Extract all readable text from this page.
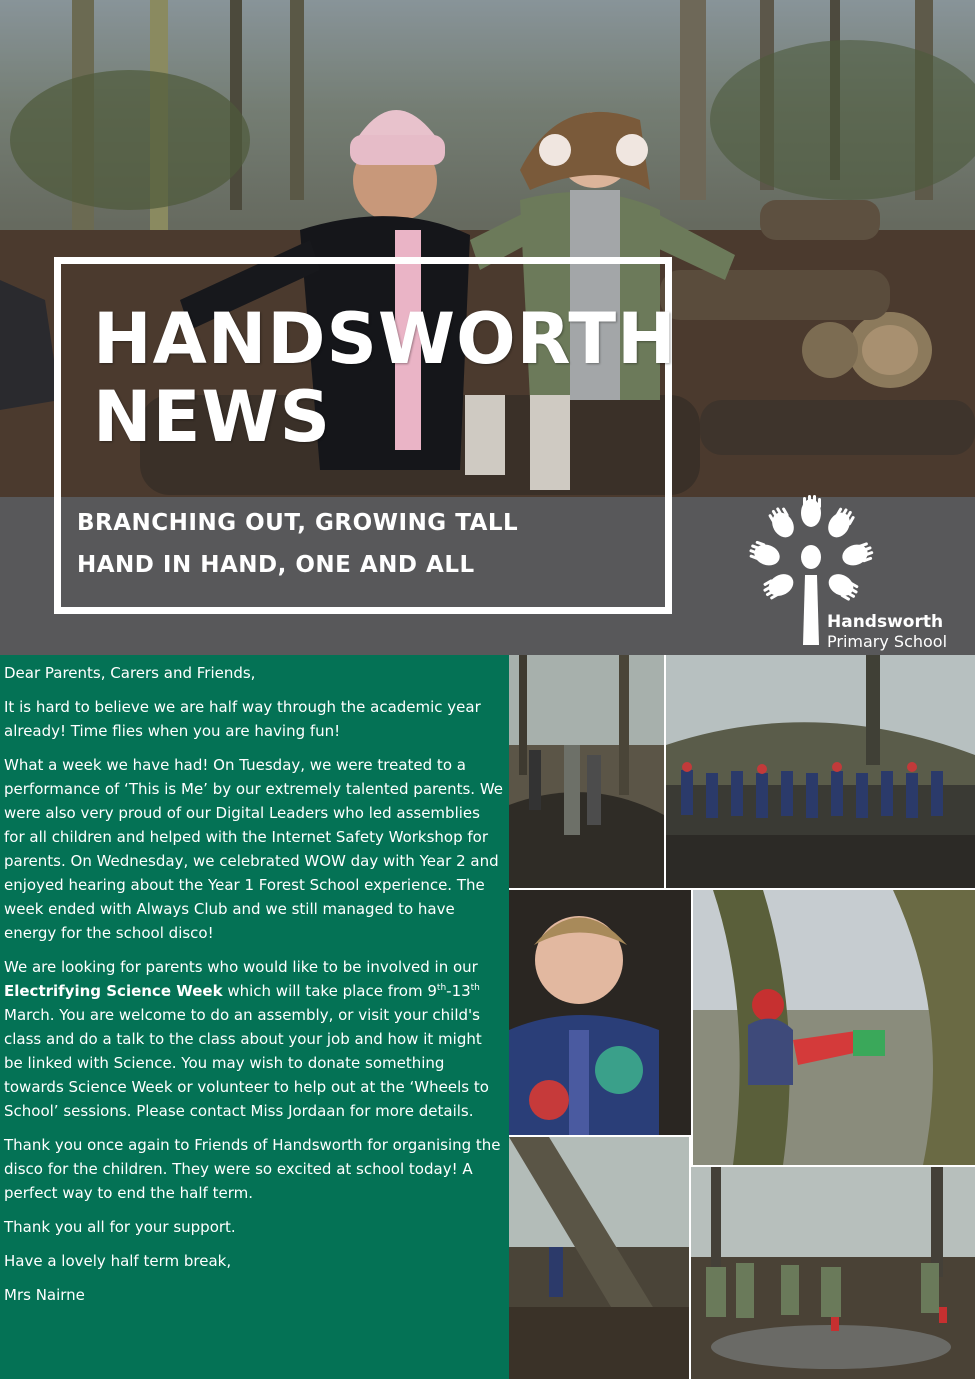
HANDSWORTH
NEWS
BRANCHING OUT, GROWING TALL
HAND IN HAND, ONE AND ALL
Handsworth
Primary School

Dear Parents, Carers and Friends,

It is hard to believe we are half way through the academic year already! Time flies when you are having fun!

What a week we have had! On Tuesday, we were treated to a performance of ‘This is Me’ by our extremely talented parents. We were also very proud of our Digital Leaders who led assemblies for all children and helped with the Internet Safety Workshop for parents. On Wednesday, we celebrated WOW day with Year 2 and enjoyed hearing about the Year 1 Forest School experience. The week ended with Always Club and we still managed to have energy for the school disco!

We are looking for parents who would like to be involved in our Electrifying Science Week which will take place from 9th-13th March. You are welcome to do an assembly, or visit your child's class and do a talk to the class about your job and how it might be linked with Science. You may wish to donate something towards Science Week or volunteer to help out at the ‘Wheels to School’ sessions. Please contact Miss Jordaan for more details.

Thank you once again to Friends of Handsworth for organising the disco for the children. They were so excited at school today! A perfect way to end the half term.

Thank you all for your support.

Have a lovely half term break,

Mrs Nairne
